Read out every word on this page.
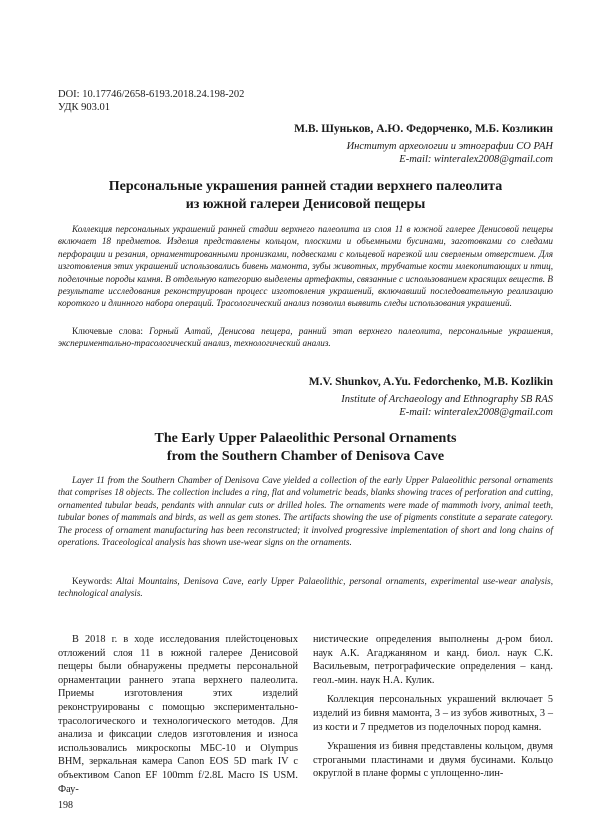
DOI: 10.17746/2658-6193.2018.24.198-202
УДК 903.01
М.В. Шуньков, А.Ю. Федорченко, М.Б. Козликин
Институт археологии и этнографии СО РАН
E-mail: winteralex2008@gmail.com
Персональные украшения ранней стадии верхнего палеолита
из южной галереи Денисовой пещеры
Коллекция персональных украшений ранней стадии верхнего палеолита из слоя 11 в южной галерее Денисовой пещеры включает 18 предметов. Изделия представлены кольцом, плоскими и объемными бусинами, заготовками со следами перфорации и резания, орнаментированными пронизками, подвесками с кольцевой нарезкой или сверленым отверстием. Для изготовления этих украшений использовались бивень мамонта, зубы животных, трубчатые кости млекопитающих и птиц, поделочные породы камня. В отдельную категорию выделены артефакты, связанные с использованием красящих веществ. В результате исследования реконструирован процесс изготовления украшений, включавший последовательную реализацию короткого и длинного набора операций. Трасологический анализ позволил выявить следы использования украшений.
Ключевые слова: Горный Алтай, Денисова пещера, ранний этап верхнего палеолита, персональные украшения, экспериментально-трасологический анализ, технологический анализ.
M.V. Shunkov, A.Yu. Fedorchenko, M.B. Kozlikin
Institute of Archaeology and Ethnography SB RAS
E-mail: winteralex2008@gmail.com
The Early Upper Palaeolithic Personal Ornaments
from the Southern Chamber of Denisova Cave
Layer 11 from the Southern Chamber of Denisova Cave yielded a collection of the early Upper Palaeolithic personal ornaments that comprises 18 objects. The collection includes a ring, flat and volumetric beads, blanks showing traces of perforation and cutting, ornamented tubular beads, pendants with annular cuts or drilled holes. The ornaments were made of mammoth ivory, animal teeth, tubular bones of mammals and birds, as well as gem stones. The artifacts showing the use of pigments constitute a separate category. The process of ornament manufacturing has been reconstructed; it involved progressive implementation of short and long chains of operations. Traceological analysis has shown use-wear signs on the ornaments.
Keywords: Altai Mountains, Denisova Cave, early Upper Palaeolithic, personal ornaments, experimental use-wear analysis, technological analysis.

В 2018 г. в ходе исследования плейстоценовых отложений слоя 11 в южной галерее Денисовой пещеры были обнаружены предметы персональной орнаментации раннего этапа верхнего палеолита. Приемы изготовления этих изделий реконструированы с помощью экспериментально-трасологического и технологического методов. Для анализа и фиксации следов изготовления и износа использовались микроскопы МБС-10 и Olympus BHM, зеркальная камера Canon EOS 5D mark IV с объективом Canon EF 100mm f/2.8L Macro IS USM. Фау-

нистические определения выполнены д-ром биол. наук А.К. Агаджаняном и канд. биол. наук С.К. Васильевым, петрографические определения – канд. геол.-мин. наук Н.А. Кулик.

Коллекция персональных украшений включает 5 изделий из бивня мамонта, 3 – из зубов животных, 3 – из кости и 7 предметов из поделочных пород камня.

Украшения из бивня представлены кольцом, двумя строгаными пластинами и двумя бусинами. Кольцо округлой в плане формы с уплощенно-лин-

198
